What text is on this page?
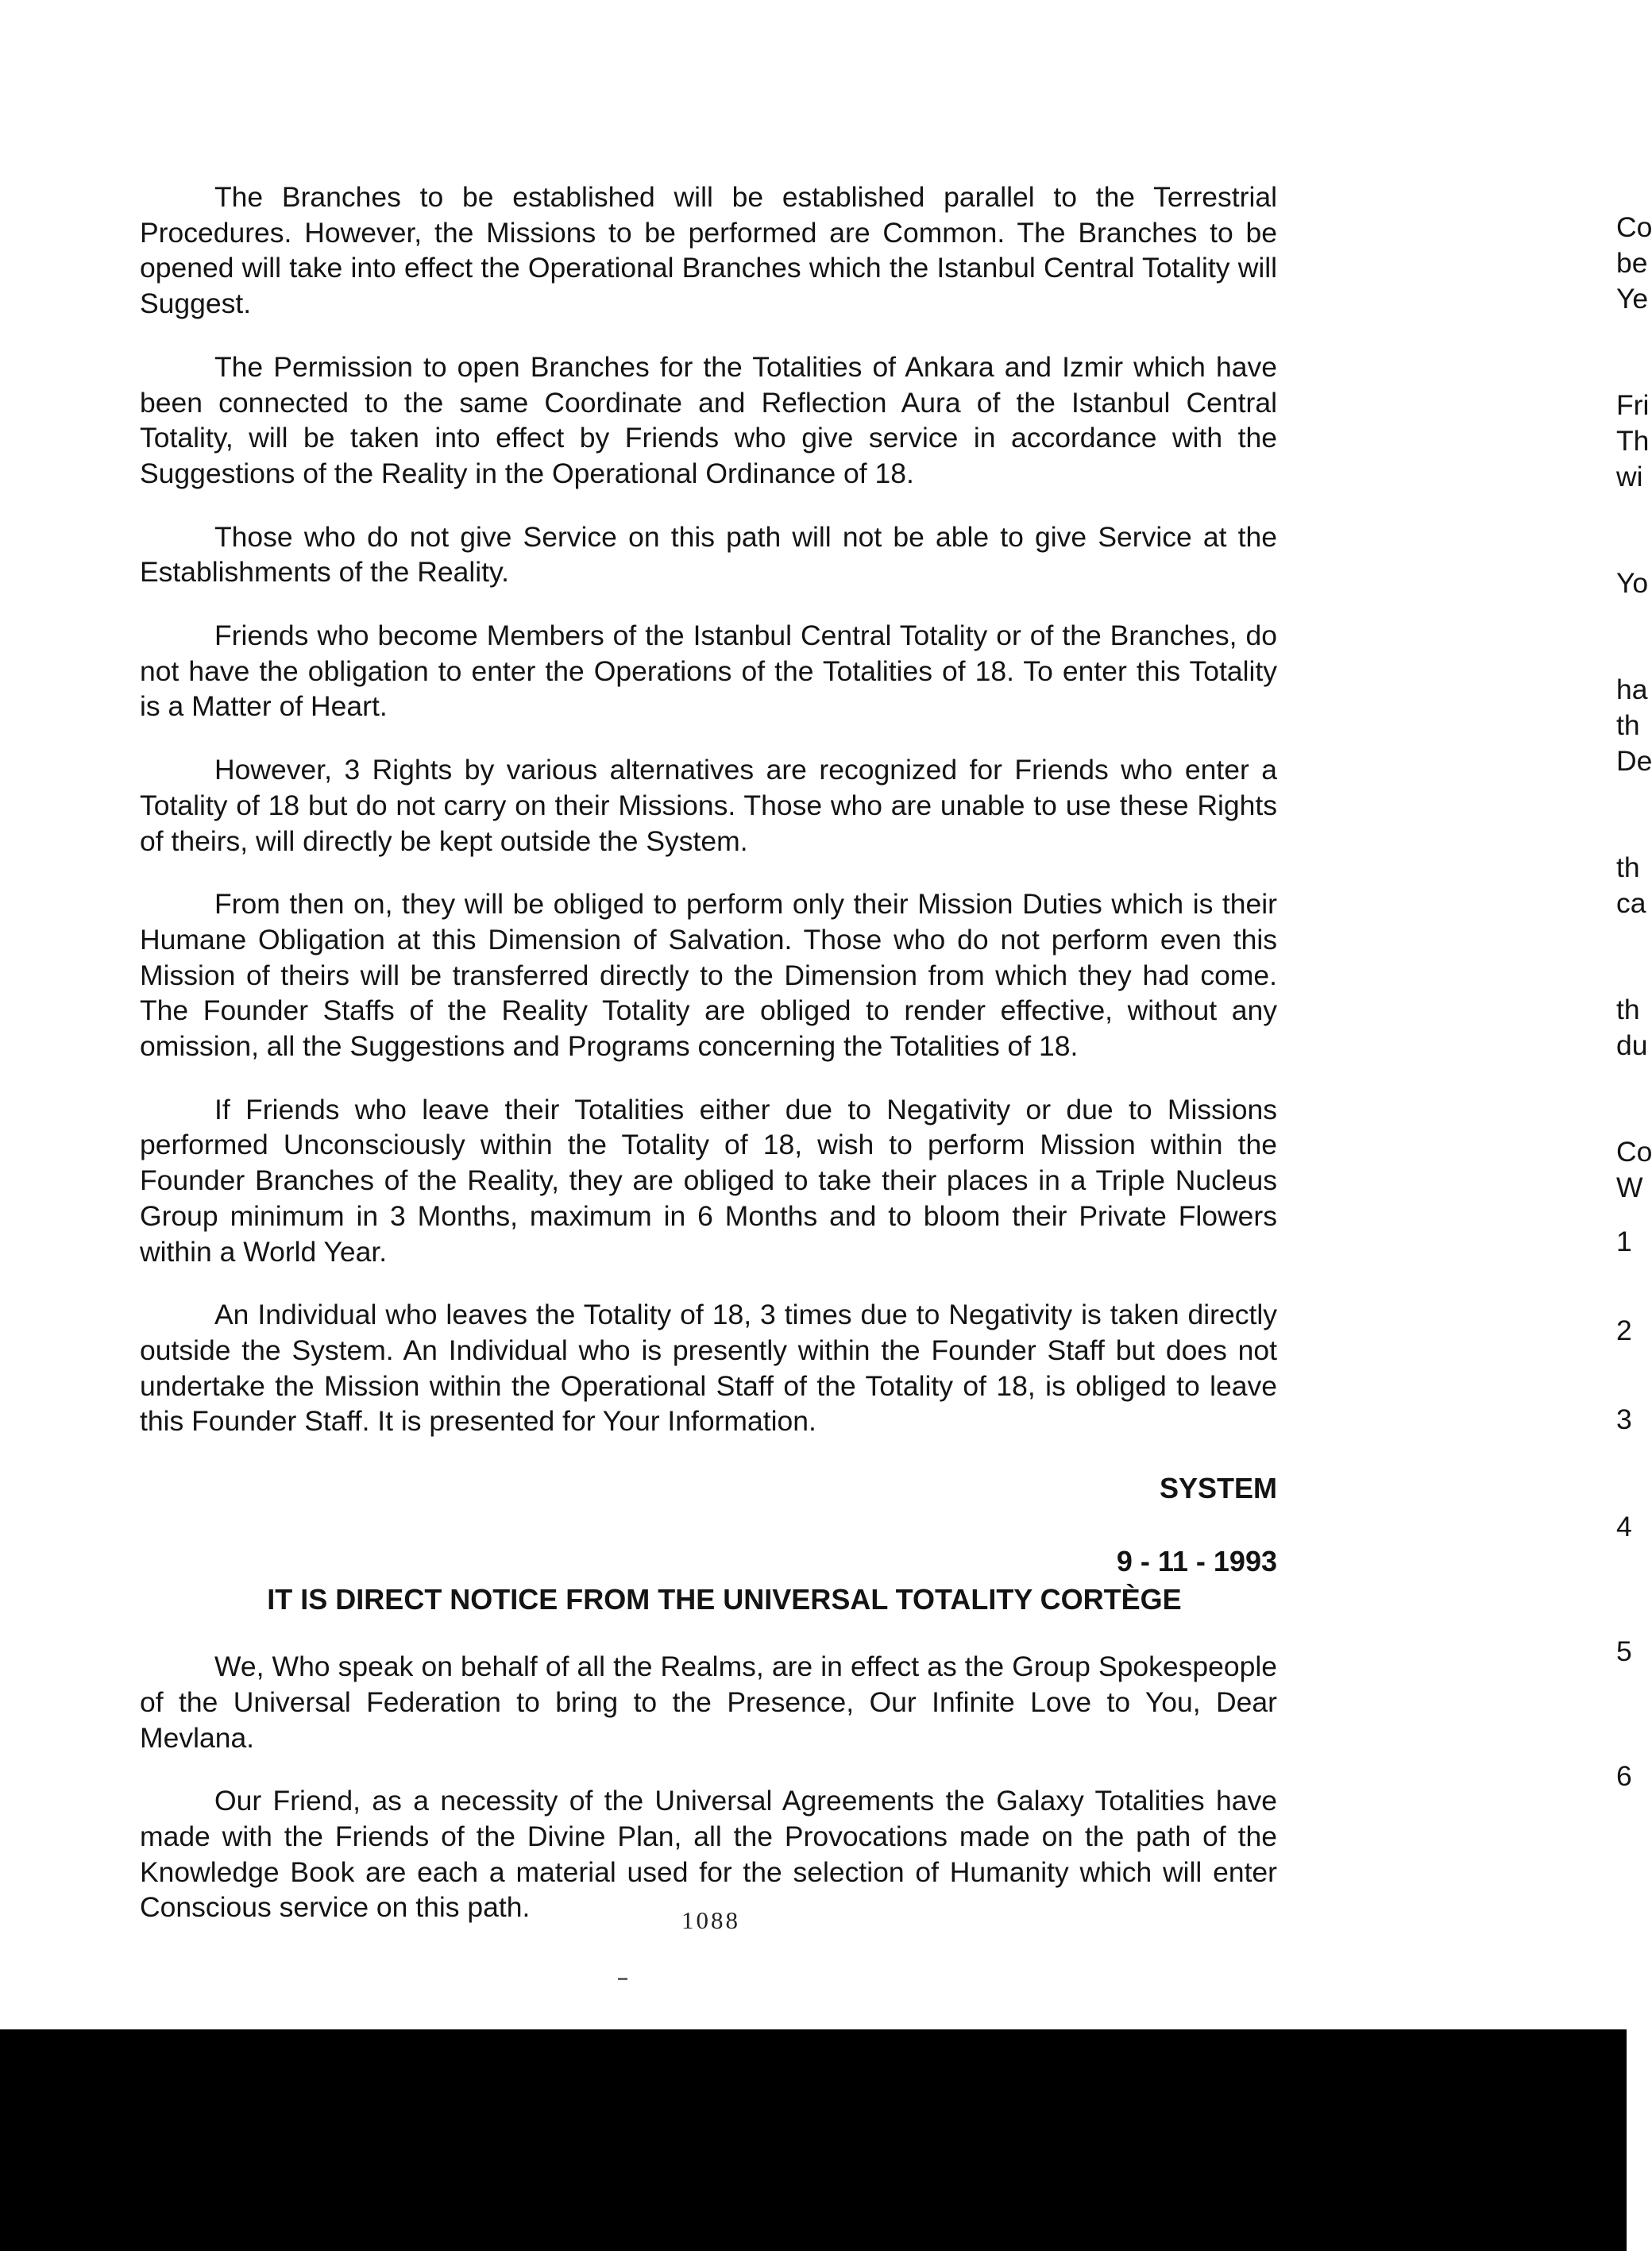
The Branches to be established will be established parallel to the Terrestrial Procedures. However, the Missions to be performed are Common. The Branches to be opened will take into effect the Operational Branches which the Istanbul Central Totality will Suggest.

The Permission to open Branches for the Totalities of Ankara and Izmir which have been connected to the same Coordinate and Reflection Aura of the Istanbul Central Totality, will be taken into effect by Friends who give service in accordance with the Suggestions of the Reality in the Operational Ordinance of 18.

Those who do not give Service on this path will not be able to give Service at the Establishments of the Reality.

Friends who become Members of the Istanbul Central Totality or of the Branches, do not have the obligation to enter the Operations of the Totalities of 18. To enter this Totality is a Matter of Heart.

However, 3 Rights by various alternatives are recognized for Friends who enter a Totality of 18 but do not carry on their Missions. Those who are unable to use these Rights of theirs, will directly be kept outside the System.

From then on, they will be obliged to perform only their Mission Duties which is their Humane Obligation at this Dimension of Salvation. Those who do not perform even this Mission of theirs will be transferred directly to the Dimension from which they had come. The Founder Staffs of the Reality Totality are obliged to render effective, without any omission, all the Suggestions and Programs concerning the Totalities of 18.

If Friends who leave their Totalities either due to Negativity or due to Missions performed Unconsciously within the Totality of 18, wish to perform Mission within the Founder Branches of the Reality, they are obliged to take their places in a Triple Nucleus Group minimum in 3 Months, maximum in 6 Months and to bloom their Private Flowers within a World Year.

An Individual who leaves the Totality of 18, 3 times due to Negativity is taken directly outside the System. An Individual who is presently within the Founder Staff but does not undertake the Mission within the Operational Staff of the Totality of 18, is obliged to leave this Founder Staff. It is presented for Your Information.

SYSTEM
9 - 11 - 1993
IT IS DIRECT NOTICE FROM THE UNIVERSAL TOTALITY CORTÈGE

We, Who speak on behalf of all the Realms, are in effect as the Group Spokespeople of the Universal Federation to bring to the Presence, Our Infinite Love to You, Dear Mevlana.

Our Friend, as a necessity of the Universal Agreements the Galaxy Totalities have made with the Friends of the Divine Plan, all the Provocations made on the path of the Knowledge Book are each a material used for the selection of Humanity which will enter Conscious service on this path.	1088
Co
be
Ye
Fri
Th
wi
Yo
ha
th
De
th
ca
th
du
Co
W
1
2
3
4
5
6
